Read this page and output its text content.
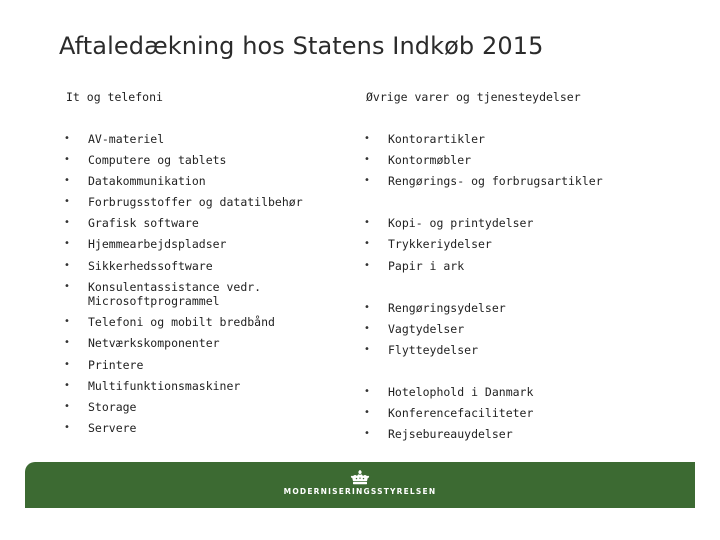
Aftaledækning hos Statens Indkøb 2015
It og telefoni	Øvrige varer og tjenesteydelser
• AV-materiel
• Computere og tablets
• Datakommunikation
• Forbrugsstoffer og datatilbehør
• Grafisk software
• Hjemmearbejdspladser
• Sikkerhedssoftware
• Konsulentassistance vedr. Microsoftprogrammel
• Telefoni og mobilt bredbånd
• Netværkskomponenter
• Printere
• Multifunktionsmaskiner
• Storage
• Servere
• Kontorartikler
• Kontormøbler
• Rengørings- og forbrugsartikler
• Kopi- og printydelser
• Trykkeriydelser
• Papir i ark
• Rengøringsydelser
• Vagtydelser
• Flytteydelser
• Hotelophold i Danmark
• Konferencefaciliteter
• Rejsebureauydelser
MODERNISERINGSSTYRELSEN
